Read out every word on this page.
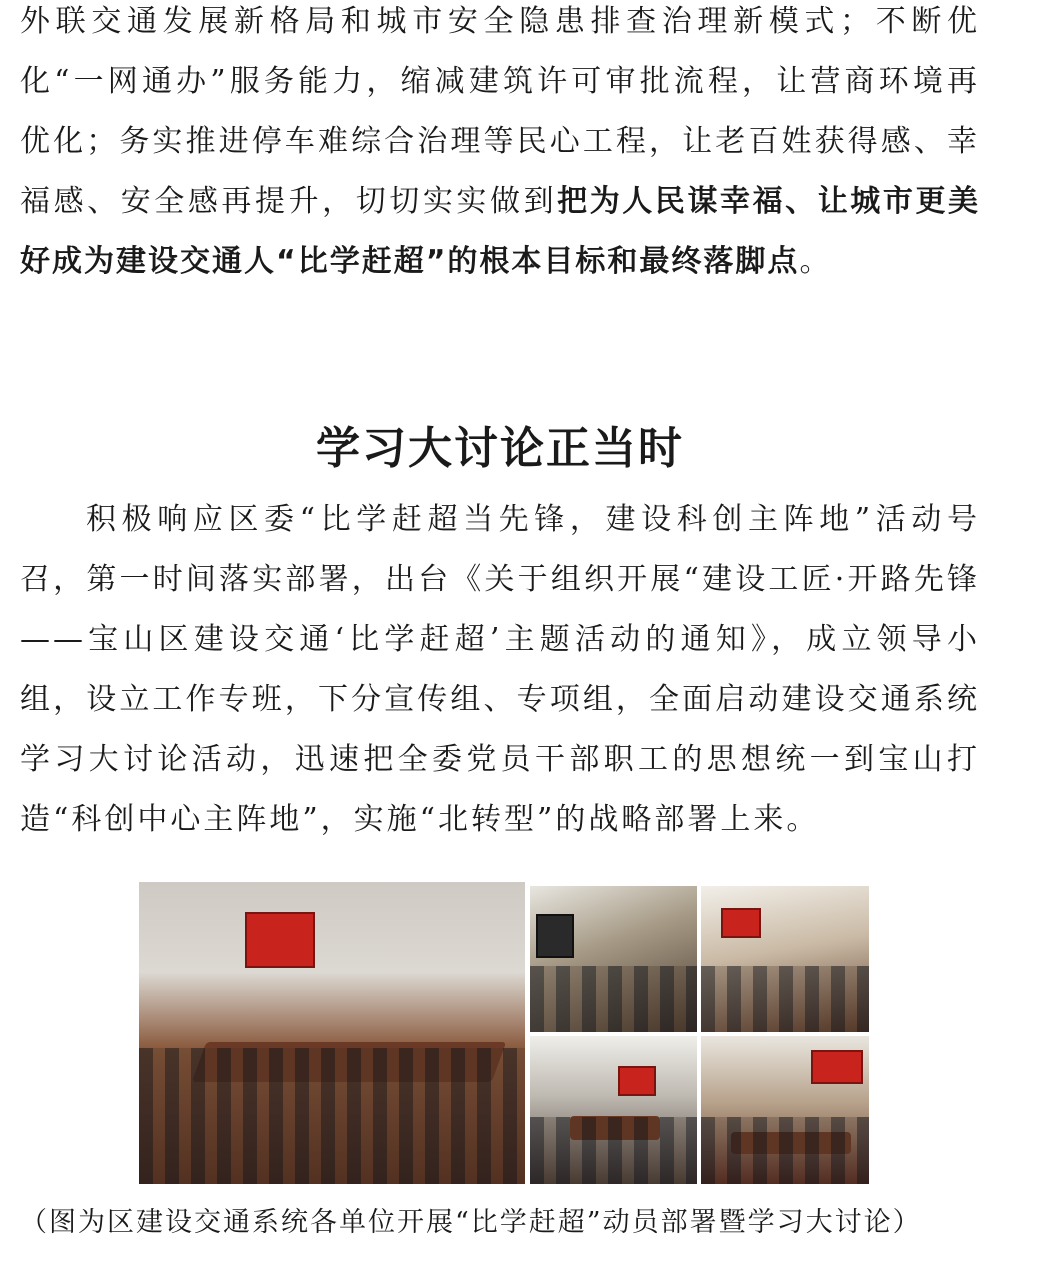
外联交通发展新格局和城市安全隐患排查治理新模式；不断优化“一网通办”服务能力，缩减建筑许可审批流程，让营商环境再优化；务实推进停车难综合治理等民心工程，让老百姓获得感、幸福感、安全感再提升，切切实实做到把为人民谋幸福、让城市更美好成为建设交通人“比学赶超”的根本目标和最终落脚点。

学习大讨论正当时

积极响应区委“比学赶超当先锋，建设科创主阵地”活动号召，第一时间落实部署，出台《关于组织开展“建设工匠·开路先锋——宝山区建设交通‘比学赶超’主题活动的通知》，成立领导小组，设立工作专班，下分宣传组、专项组，全面启动建设交通系统学习大讨论活动，迅速把全委党员干部职工的思想统一到宝山打造“科创中心主阵地”，实施“北转型”的战略部署上来。

（图为区建设交通系统各单位开展“比学赶超”动员部署暨学习大讨论）
